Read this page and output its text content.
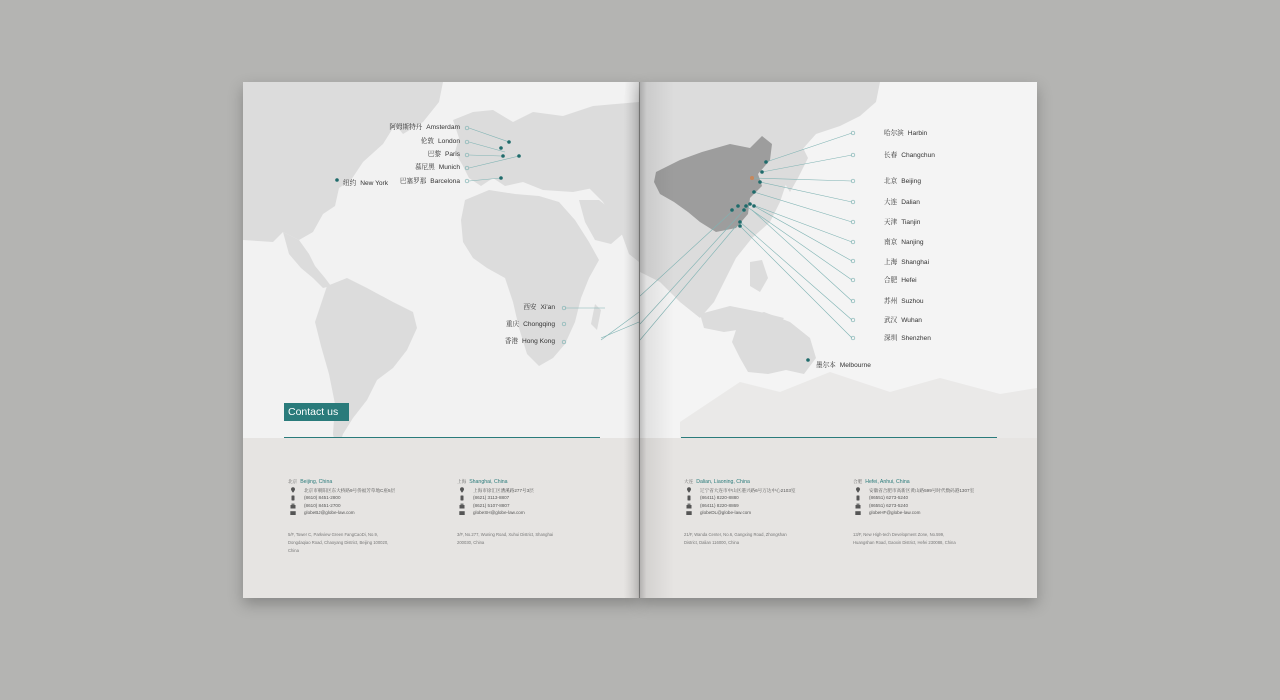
阿姆斯特丹 Amsterdam
伦敦 London
巴黎 Paris
慕尼黑 Munich
巴塞罗那 Barcelona
纽约 New York
西安 Xi'an
重庆 Chongqing
香港 Hong Kong
哈尔滨 Harbin
长春 Changchun
北京 Beijing
大连 Dalian
天津 Tianjin
南京 Nanjing
上海 Shanghai
合肥 Hefei
苏州 Suzhou
武汉 Wuhan
深圳 Shenzhen
墨尔本 Melbourne
Contact us
北京 Beijing, China
北京市朝阳区东大桥路9号侨福芳草地C座5层
(8610) 8451-2800
(8610) 8451-2700
globeBJ@globe-law.com
5/F, Tower C, Parkview Green FangCaoDi, No.9, Dongdaqiao Road, Chaoyang District, Beijing 100020, China
上海 Shanghai, China
上海市徐汇区漕溪路277号3层
(8621) 3113-8807
(8621) 5107-8807
globeSH@globe-law.com
3/F, No.277, Wuning Road, Xuhui District, Shanghai 200030, China
大连 Dalian, Liaoning, China
辽宁省大连市中山区港兴路6号万达中心2103室
(86411) 8220-8880
(86411) 8220-8869
globeDL@globe-law.com
21/F, Wanda Center, No.6, Gangxing Road, Zhongshan District, Dalian 116000, China
合肥 Hefei, Anhui, China
安徽省合肥市高新区黄山路599号时代数码港1307室
(86551) 6273-5240
(86551) 6273-5240
globeHF@globe-law.com
13/F, New High-tech Development Zone, No.599, Huangshan Road, Gaoxin District, Hefei 230088, China
